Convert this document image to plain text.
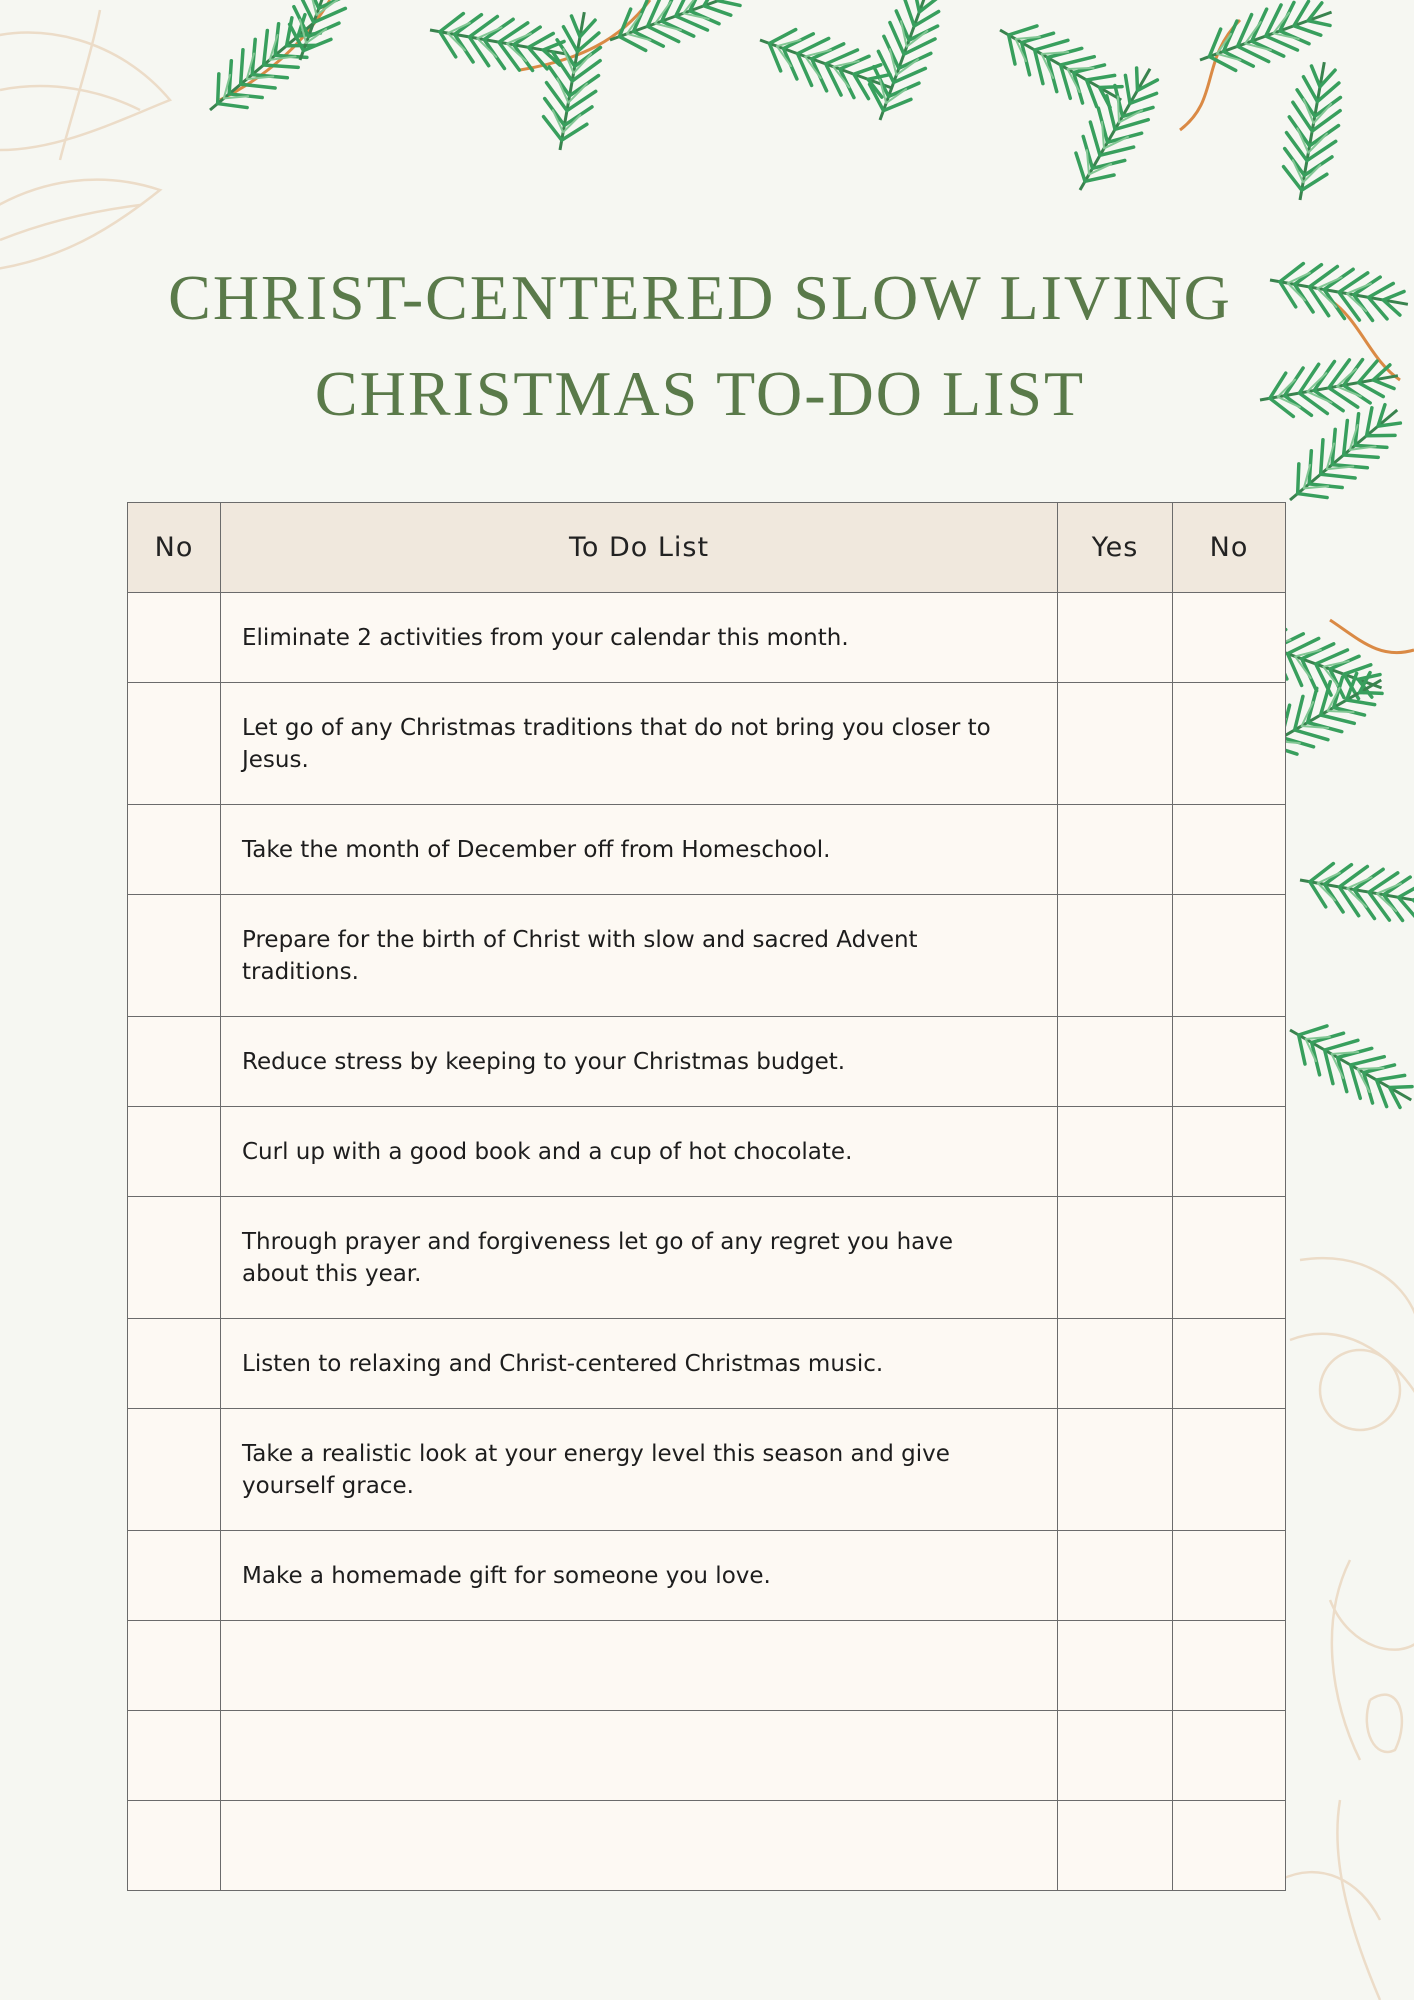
CHRIST-CENTERED SLOW LIVING
CHRISTMAS TO-DO LIST
No	To Do List	Yes	No
	Eliminate 2 activities from your calendar this month.		
	Let go of any Christmas traditions that do not bring you closer to Jesus.		
	Take the month of December off from Homeschool.		
	Prepare for the birth of Christ with slow and sacred Advent traditions.		
	Reduce stress by keeping to your Christmas budget.		
	Curl up with a good book and a cup of hot chocolate.		
	Through prayer and forgiveness let go of any regret you have about this year.		
	Listen to relaxing and Christ-centered Christmas music.		
	Take a realistic look at your energy level this season and give yourself grace.		
	Make a homemade gift for someone you love.		
